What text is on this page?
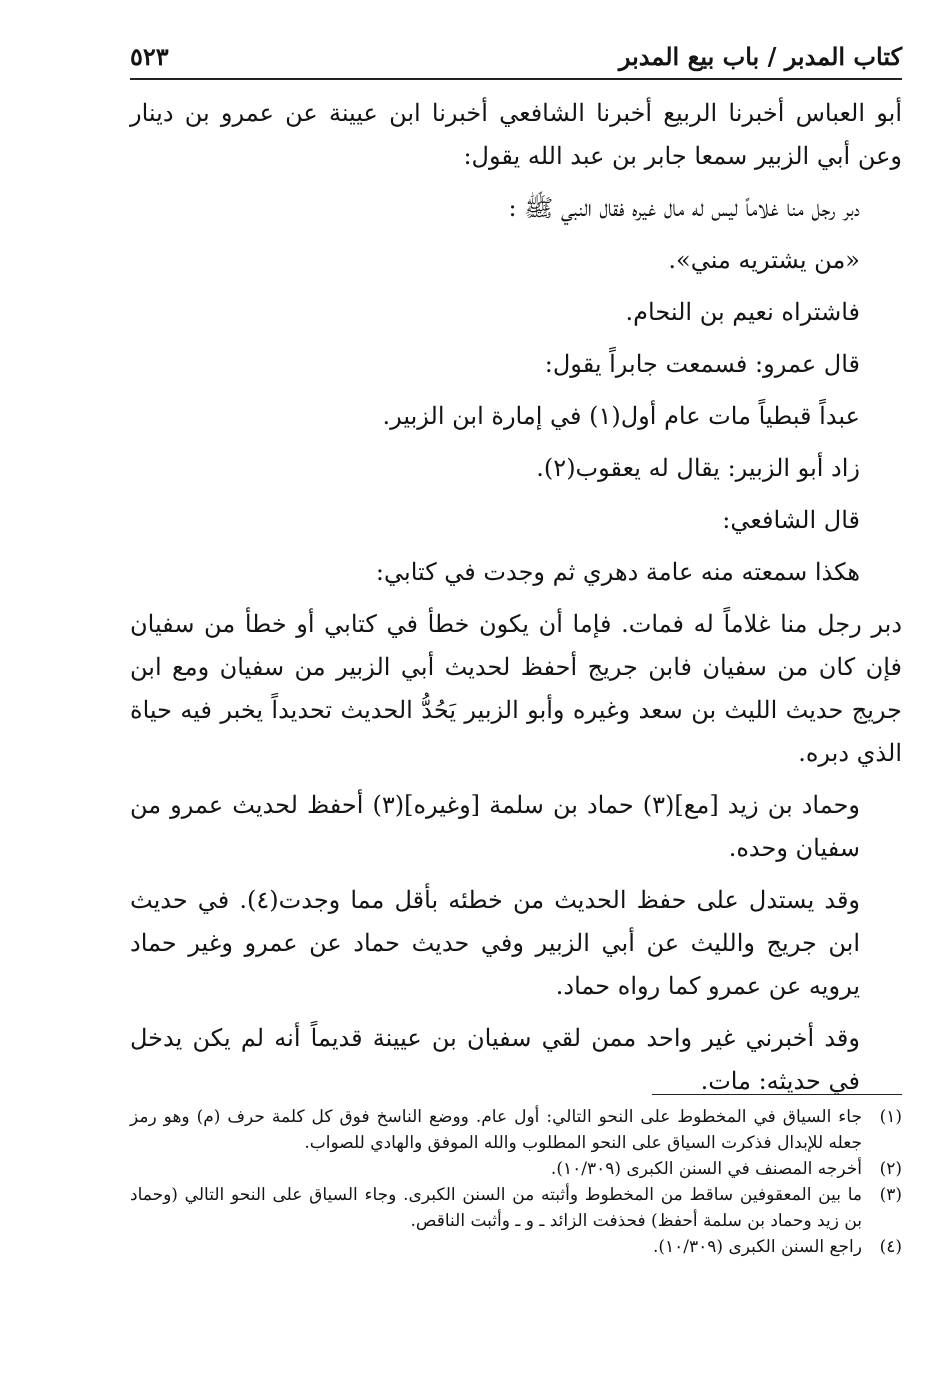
٥٢٣	كتاب المدبر / باب بيع المدبر

أبو العباس أخبرنا الربيع أخبرنا الشافعي أخبرنا ابن عيينة عن عمرو بن دينار وعن أبي الزبير سمعا جابر بن عبد الله يقول:

دبر رجل منا غلاماً ليس له مال غيره فقال النبي ﷺ :

«من يشتريه مني».

فاشتراه نعيم بن النحام.

قال عمرو: فسمعت جابراً يقول:

عبداً قبطياً مات عام أول(١) في إمارة ابن الزبير.

زاد أبو الزبير: يقال له يعقوب(٢).

قال الشافعي:

هكذا سمعته منه عامة دهري ثم وجدت في كتابي:

دبر رجل منا غلاماً له فمات. فإما أن يكون خطأ في كتابي أو خطأ من سفيان فإن كان من سفيان فابن جريج أحفظ لحديث أبي الزبير من سفيان ومع ابن جريج حديث الليث بن سعد وغيره وأبو الزبير يَحُدُّ الحديث تحديداً يخبر فيه حياة الذي دبره.

وحماد بن زيد [مع](٣) حماد بن سلمة [وغيره](٣) أحفظ لحديث عمرو من سفيان وحده.

وقد يستدل على حفظ الحديث من خطئه بأقل مما وجدت(٤). في حديث ابن جريج والليث عن أبي الزبير وفي حديث حماد عن عمرو وغير حماد يرويه عن عمرو كما رواه حماد.

وقد أخبرني غير واحد ممن لقي سفيان بن عيينة قديماً أنه لم يكن يدخل في حديثه: مات.

(١)
جاء السياق في المخطوط على النحو التالي: أول عام. ووضع الناسخ فوق كل كلمة حرف (م) وهو رمز جعله للإبدال فذكرت السياق على النحو المطلوب والله الموفق والهادي للصواب.
(٢)
أخرجه المصنف في السنن الكبرى (١٠/٣٠٩).
(٣)
ما بين المعقوفين ساقط من المخطوط وأثبته من السنن الكبرى. وجاء السياق على النحو التالي (وحماد بن زيد وحماد بن سلمة أحفظ) فحذفت الزائد ـ و ـ وأثبت الناقص.
(٤)
راجع السنن الكبرى (١٠/٣٠٩).
